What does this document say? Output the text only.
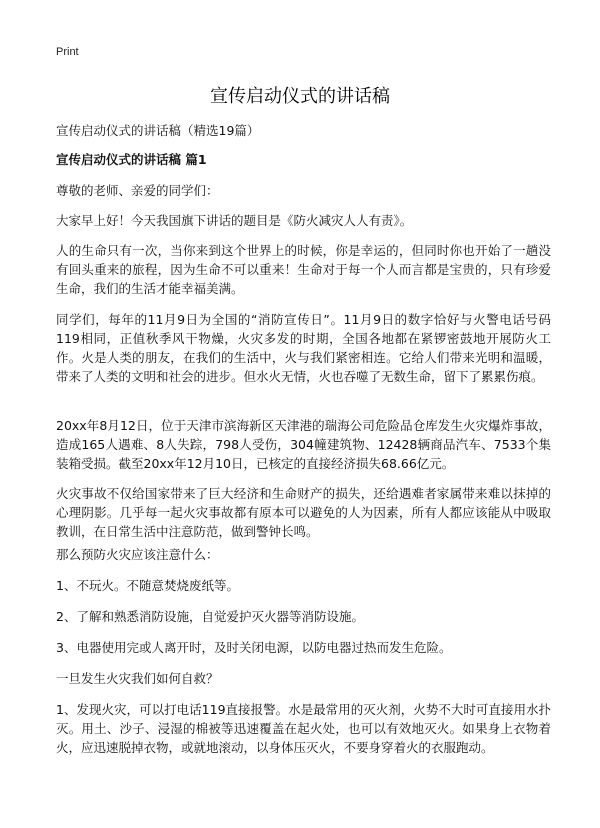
Print
宣传启动仪式的讲话稿
宣传启动仪式的讲话稿（精选19篇）
宣传启动仪式的讲话稿 篇1
尊敬的老师、亲爱的同学们：
大家早上好！今天我国旗下讲话的题目是《防火减灾人人有责》。
人的生命只有一次，当你来到这个世界上的时候，你是幸运的，但同时你也开始了一趟没有回头重来的旅程，因为生命不可以重来！生命对于每一个人而言都是宝贵的，只有珍爱生命，我们的生活才能幸福美满。
同学们，每年的11月9日为全国的“消防宣传日”。11月9日的数字恰好与火警电话号码119相同，正值秋季风干物燥，火灾多发的时期，全国各地都在紧锣密鼓地开展防火工作。火是人类的朋友，在我们的生活中，火与我们紧密相连。它给人们带来光明和温暖，带来了人类的文明和社会的进步。但水火无情，火也吞噬了无数生命，留下了累累伤痕。
20xx年8月12日，位于天津市滨海新区天津港的瑞海公司危险品仓库发生火灾爆炸事故，造成165人遇难、8人失踪，798人受伤，304幢建筑物、12428辆商品汽车、7533个集装箱受损。截至20xx年12月10日，已核定的直接经济损失68.66亿元。
火灾事故不仅给国家带来了巨大经济和生命财产的损失，还给遇难者家属带来难以抹掉的心理阴影。几乎每一起火灾事故都有原本可以避免的人为因素，所有人都应该能从中吸取教训，在日常生活中注意防范，做到警钟长鸣。
那么预防火灾应该注意什么：
1、不玩火。不随意焚烧废纸等。
2、了解和熟悉消防设施，自觉爱护灭火器等消防设施。
3、电器使用完或人离开时，及时关闭电源，以防电器过热而发生危险。
一旦发生火灾我们如何自救？
1、发现火灾，可以打电话119直接报警。水是最常用的灭火剂，火势不大时可直接用水扑灭。用土、沙子、浸湿的棉被等迅速覆盖在起火处，也可以有效地灭火。如果身上衣物着火，应迅速脱掉衣物，或就地滚动，以身体压灭火，不要身穿着火的衣服跑动。
